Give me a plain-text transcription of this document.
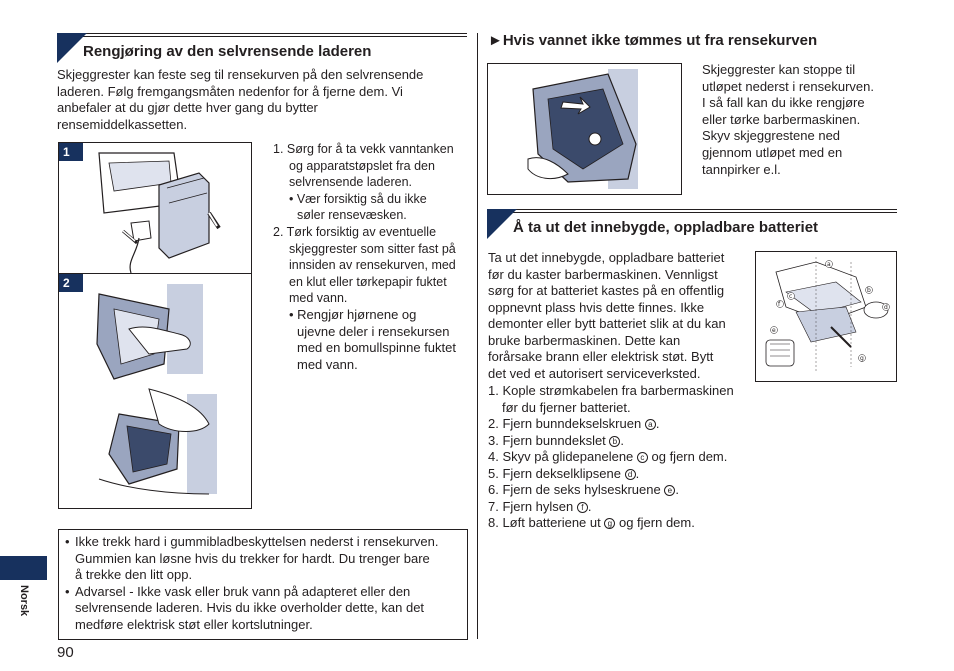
Rengjøring av den selvrensende laderen
Skjeggrester kan feste seg til rensekurven på den selvrensende
laderen. Følg fremgangsmåten nedenfor for å fjerne dem. Vi
anbefaler at du gjør dette hver gang du bytter
rensemiddelkassetten.
1
2
1. Sørg for å ta vekk vanntanken
og apparatstøpslet fra den
selvrensende laderen.
• Vær forsiktig så du ikke
søler rensevæsken.
2. Tørk forsiktig av eventuelle
skjeggrester som sitter fast på
innsiden av rensekurven, med
en klut eller tørkepapir fuktet
med vann.
• Rengjør hjørnene og
ujevne deler i rensekursen
med en bomullspinne fuktet
med vann.

• Ikke trekk hard i gummibladbeskyttelsen nederst i rensekurven.
Gummien kan løsne hvis du trekker for hardt. Du trenger bare
å trekke den litt opp.

• Advarsel - Ikke vask eller bruk vann på adapteret eller den
selvrensende laderen. Hvis du ikke overholder dette, kan det
medføre elektrisk støt eller kortslutninger.

►Hvis vannet ikke tømmes ut fra rensekurven
Skjeggrester kan stoppe til
utløpet nederst i rensekurven.
I så fall kan du ikke rengjøre
eller tørke barbermaskinen.
Skyv skjeggrestene ned
gjennom utløpet med en
tannpirker e.l.
Å ta ut det innebygde, oppladbare batteriet
Ta ut det innebygde, oppladbare batteriet
før du kaster barbermaskinen. Vennligst
sørg for at batteriet kastes på en offentlig
oppnevnt plass hvis dette finnes. Ikke
demonter eller bytt batteriet slik at du kan
bruke barbermaskinen. Dette kan
forårsake brann eller elektrisk støt. Bytt
det ved et autorisert serviceverksted.
1. Kople strømkabelen fra barbermaskinen
før du fjerner batteriet.
2. Fjern bunndekselskruen a .
3. Fjern bunndekslet b .
4. Skyv på glidepanelene c og fjern dem.
5. Fjern dekselklipsene d .
6. Fjern de seks hylseskruene e .
7. Fjern hylsen f .
8. Løft batteriene ut g og fjern dem.
a
b
c
d
e
f
g
Norsk
90
